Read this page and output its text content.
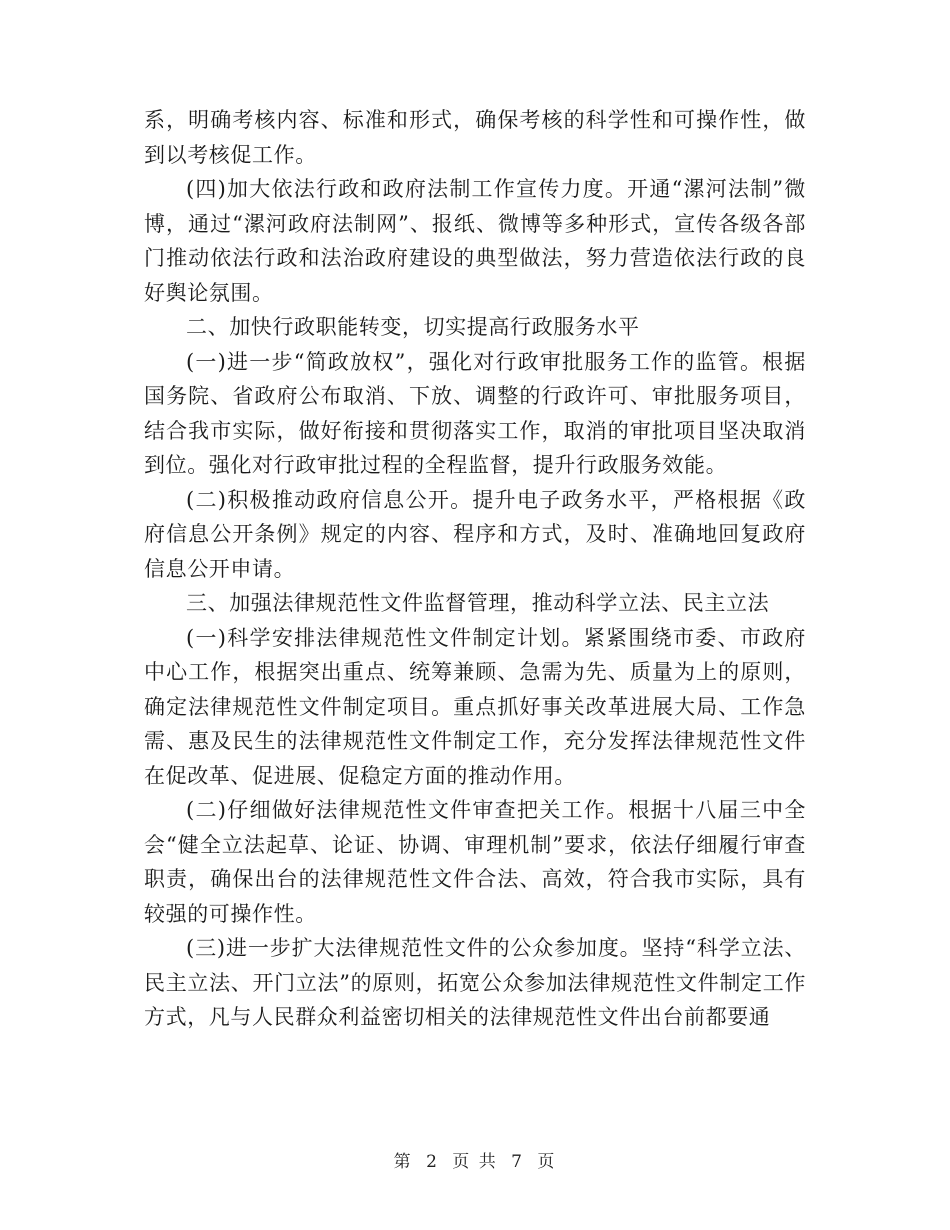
系，明确考核内容、标准和形式，确保考核的科学性和可操作性，做到以考核促工作。

(四)加大依法行政和政府法制工作宣传力度。开通“漯河法制”微博，通过“漯河政府法制网”、报纸、微博等多种形式，宣传各级各部门推动依法行政和法治政府建设的典型做法，努力营造依法行政的良好舆论氛围。

二、加快行政职能转变，切实提高行政服务水平

(一)进一步“简政放权”，强化对行政审批服务工作的监管。根据国务院、省政府公布取消、下放、调整的行政许可、审批服务项目，结合我市实际，做好衔接和贯彻落实工作，取消的审批项目坚决取消到位。强化对行政审批过程的全程监督，提升行政服务效能。

(二)积极推动政府信息公开。提升电子政务水平，严格根据《政府信息公开条例》规定的内容、程序和方式，及时、准确地回复政府信息公开申请。

三、加强法律规范性文件监督管理，推动科学立法、民主立法

(一)科学安排法律规范性文件制定计划。紧紧围绕市委、市政府中心工作，根据突出重点、统筹兼顾、急需为先、质量为上的原则，确定法律规范性文件制定项目。重点抓好事关改革进展大局、工作急需、惠及民生的法律规范性文件制定工作，充分发挥法律规范性文件在促改革、促进展、促稳定方面的推动作用。

(二)仔细做好法律规范性文件审查把关工作。根据十八届三中全会“健全立法起草、论证、协调、审理机制”要求，依法仔细履行审查职责，确保出台的法律规范性文件合法、高效，符合我市实际，具有较强的可操作性。

(三)进一步扩大法律规范性文件的公众参加度。坚持“科学立法、民主立法、开门立法”的原则，拓宽公众参加法律规范性文件制定工作方式，凡与人民群众利益密切相关的法律规范性文件出台前都要通

第 2 页 共 7 页
